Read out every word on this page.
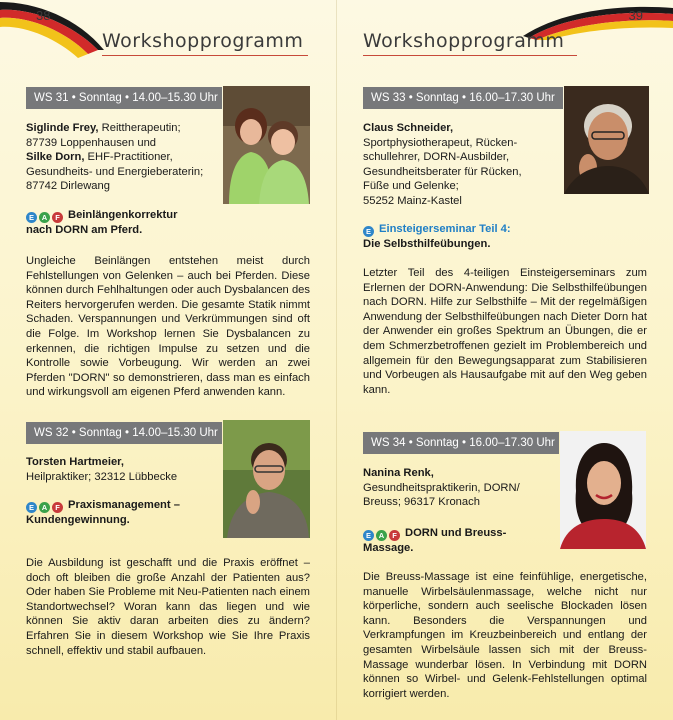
38
Workshopprogramm
WS 31 • Sonntag • 14.00–15.30 Uhr
Siglinde Frey, Reittherapeutin;
87739 Loppenhausen und
Silke Dorn, EHF-Practitioner,
Gesundheits- und Energieberaterin;
87742 Dirlewang
E	A	F Beinlängenkorrektur
nach DORN am Pferd.
Ungleiche Beinlängen entstehen meist durch Fehlstellungen von Gelenken – auch bei Pferden. Diese können durch Fehlhaltungen oder auch Dysbalancen des Reiters hervorgerufen werden. Die gesamte Statik nimmt Schaden. Verspannungen und Verkrümmungen sind oft die Folge. Im Workshop lernen Sie Dysbalancen zu erkennen, die richtigen Impulse zu setzen und die Kontrolle sowie Vorbeugung. Wir werden an zwei Pferden "DORN" so demonstrieren, dass man es einfach und wirkungsvoll am eigenen Pferd anwenden kann.
WS 32 • Sonntag • 14.00–15.30 Uhr
Torsten Hartmeier,
Heilpraktiker; 32312 Lübbecke
E	A	F Praxismanagement –
Kundengewinnung.
Die Ausbildung ist geschafft und die Praxis eröffnet – doch oft bleiben die große Anzahl der Patienten aus? Oder haben Sie Probleme mit Neu-Patienten nach einem Standortwechsel? Woran kann das liegen und wie können Sie aktiv daran arbeiten dies zu ändern? Erfahren Sie in diesem Workshop wie Sie Ihre Praxis schnell, effektiv und stabil aufbauen.
39
Workshopprogramm
WS 33 • Sonntag • 16.00–17.30 Uhr
Claus Schneider,
Sportphysiotherapeut, Rücken-
schullehrer, DORN-Ausbilder,
Gesundheitsberater für Rücken,
Füße und Gelenke;
55252 Mainz-Kastel
E Einsteigerseminar Teil 4:
Die Selbsthilfeübungen.
Letzter Teil des 4-teiligen Einsteigerseminars zum Erlernen der DORN-Anwendung: Die Selbsthilfeübungen nach DORN. Hilfe zur Selbsthilfe – Mit der regelmäßigen Anwendung der Selbsthilfeübungen nach Dieter Dorn hat der Anwender ein großes Spektrum an Übungen, die er dem Schmerzbetroffenen gezielt im Problembereich und allgemein für den Bewegungsapparat zum Stabilisieren und Vorbeugen als Hausaufgabe mit auf den Weg geben kann.
WS 34 • Sonntag • 16.00–17.30 Uhr
Nanina Renk,
Gesundheitspraktikerin, DORN/
Breuss; 96317 Kronach
E	A	F DORN und Breuss-
Massage.
Die Breuss-Massage ist eine feinfühlige, energetische, manuelle Wirbelsäulenmassage, welche nicht nur körperliche, sondern auch seelische Blockaden lösen kann. Besonders die Verspannungen und Verkrampfungen im Kreuzbeinbereich und entlang der gesamten Wirbelsäule lassen sich mit der Breuss-Massage wunderbar lösen. In Verbindung mit DORN können so Wirbel- und Gelenk-Fehlstellungen optimal korrigiert werden.
